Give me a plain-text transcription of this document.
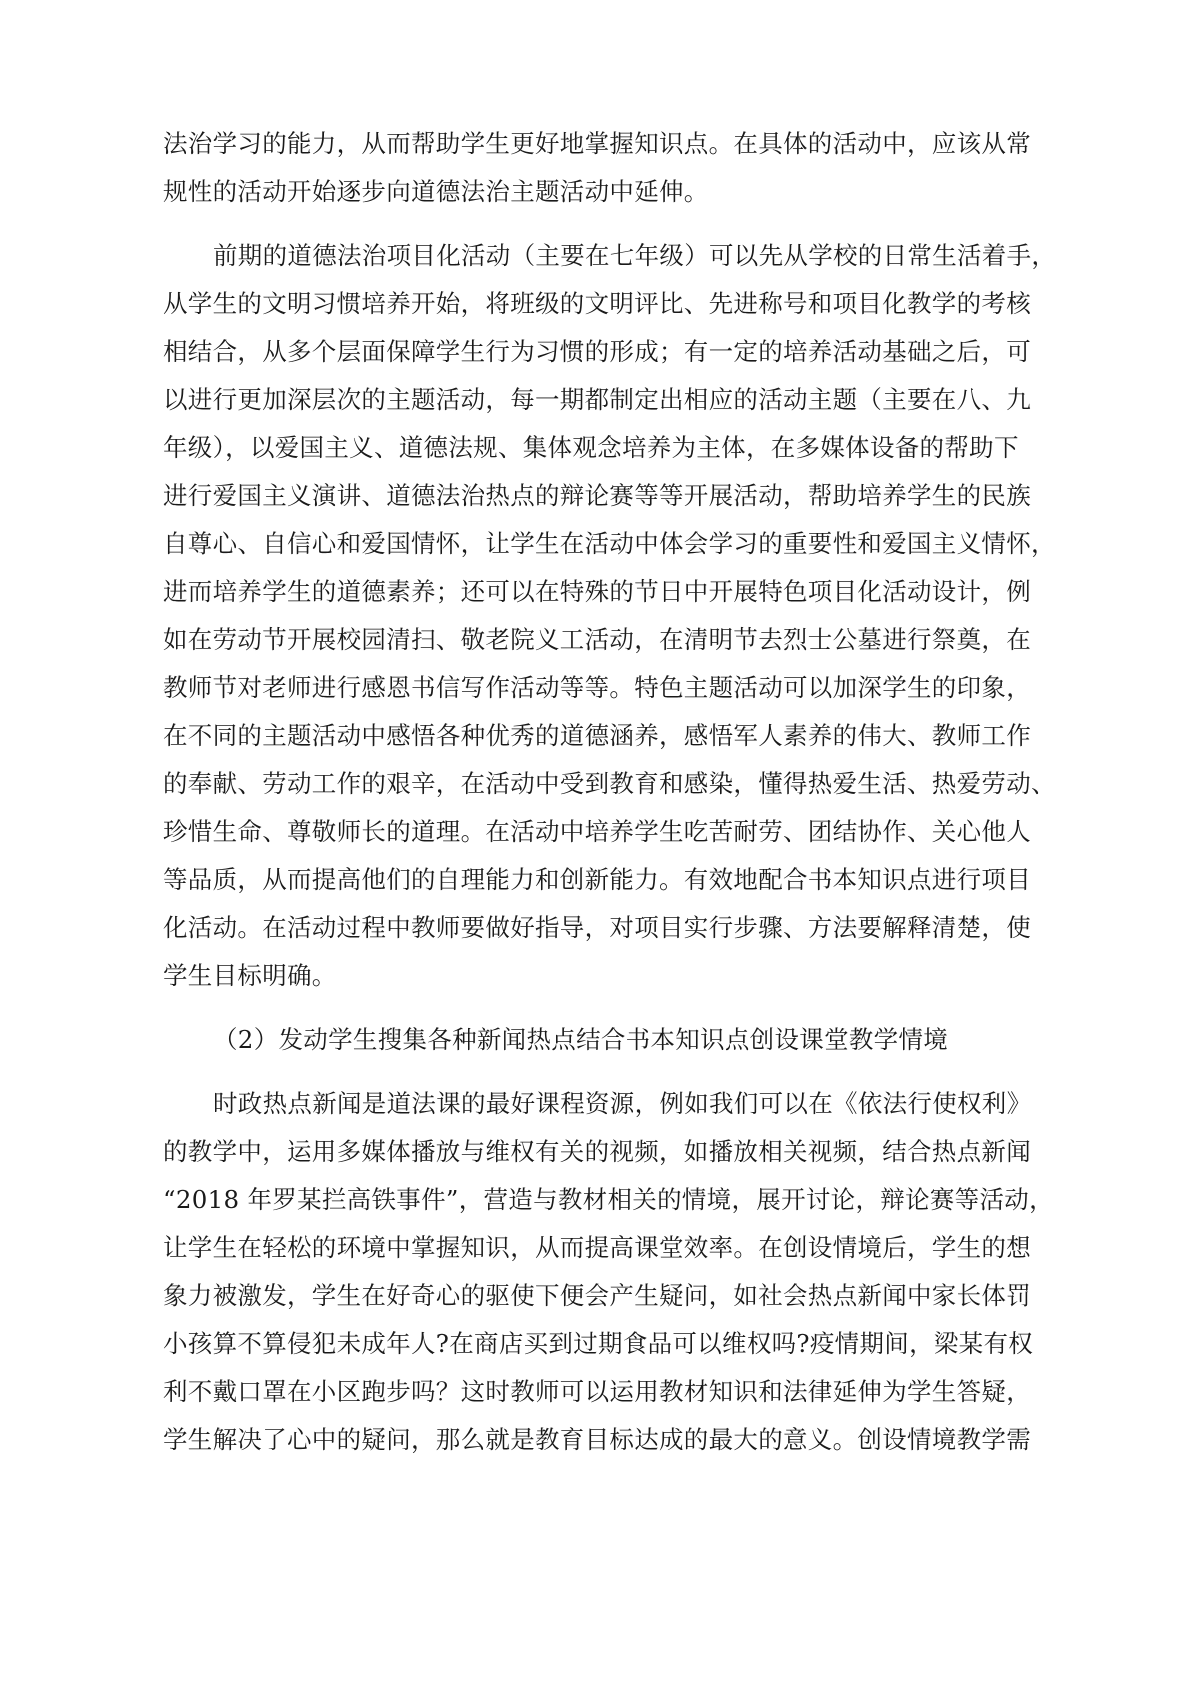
法治学习的能力，从而帮助学生更好地掌握知识点。在具体的活动中，应该从常
规性的活动开始逐步向道德法治主题活动中延伸。
前期的道德法治项目化活动（主要在七年级）可以先从学校的日常生活着手，
从学生的文明习惯培养开始，将班级的文明评比、先进称号和项目化教学的考核
相结合，从多个层面保障学生行为习惯的形成；有一定的培养活动基础之后，可
以进行更加深层次的主题活动，每一期都制定出相应的活动主题（主要在八、九
年级），以爱国主义、道德法规、集体观念培养为主体，在多媒体设备的帮助下
进行爱国主义演讲、道德法治热点的辩论赛等等开展活动，帮助培养学生的民族
自尊心、自信心和爱国情怀，让学生在活动中体会学习的重要性和爱国主义情怀，
进而培养学生的道德素养；还可以在特殊的节日中开展特色项目化活动设计，例
如在劳动节开展校园清扫、敬老院义工活动，在清明节去烈士公墓进行祭奠，在
教师节对老师进行感恩书信写作活动等等。特色主题活动可以加深学生的印象，
在不同的主题活动中感悟各种优秀的道德涵养，感悟军人素养的伟大、教师工作
的奉献、劳动工作的艰辛，在活动中受到教育和感染，懂得热爱生活、热爱劳动、
珍惜生命、尊敬师长的道理。在活动中培养学生吃苦耐劳、团结协作、关心他人
等品质，从而提高他们的自理能力和创新能力。有效地配合书本知识点进行项目
化活动。在活动过程中教师要做好指导，对项目实行步骤、方法要解释清楚，使
学生目标明确。
（2）发动学生搜集各种新闻热点结合书本知识点创设课堂教学情境
时政热点新闻是道法课的最好课程资源，例如我们可以在《依法行使权利》
的教学中，运用多媒体播放与维权有关的视频，如播放相关视频，结合热点新闻
“2018 年罗某拦高铁事件”，营造与教材相关的情境，展开讨论，辩论赛等活动，
让学生在轻松的环境中掌握知识，从而提高课堂效率。在创设情境后，学生的想
象力被激发，学生在好奇心的驱使下便会产生疑问，如社会热点新闻中家长体罚
小孩算不算侵犯未成年人?在商店买到过期食品可以维权吗?疫情期间，梁某有权
利不戴口罩在小区跑步吗？这时教师可以运用教材知识和法律延伸为学生答疑，
学生解决了心中的疑问，那么就是教育目标达成的最大的意义。创设情境教学需
